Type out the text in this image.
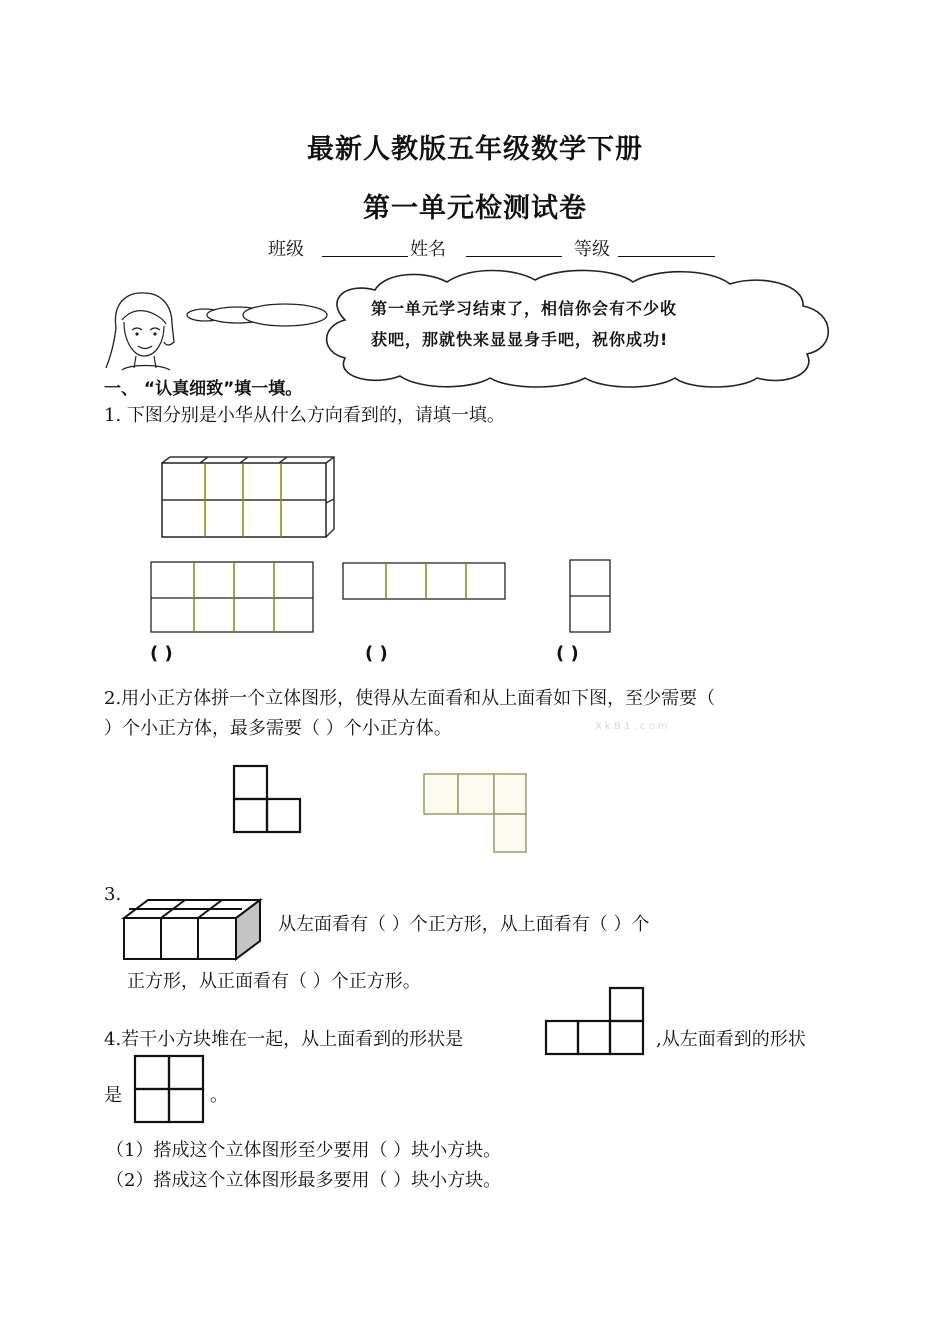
最新人教版五年级数学下册
第一单元检测试卷
班级	姓名	等级
第一单元学习结束了，相信你会有不少收
获吧，那就快来显显身手吧，祝你成功!
一、 “认真细致”填一填。
1. 下图分别是小华从什么方向看到的，请填一填。
( )	( )	( )
2.用小正方体拼一个立体图形，使得从左面看和从上面看如下图，至少需要（
）个小正方体，最多需要（ ）个小正方体。	X k B 1 . c o m
3.
从左面看有（ ）个正方形，从上面看有（ ）个
正方形，从正面看有（ ）个正方形。
4.若干小方块堆在一起，从上面看到的形状是	,从左面看到的形状
是	。
（1）搭成这个立体图形至少要用（ ）块小方块。
（2）搭成这个立体图形最多要用（ ）块小方块。
